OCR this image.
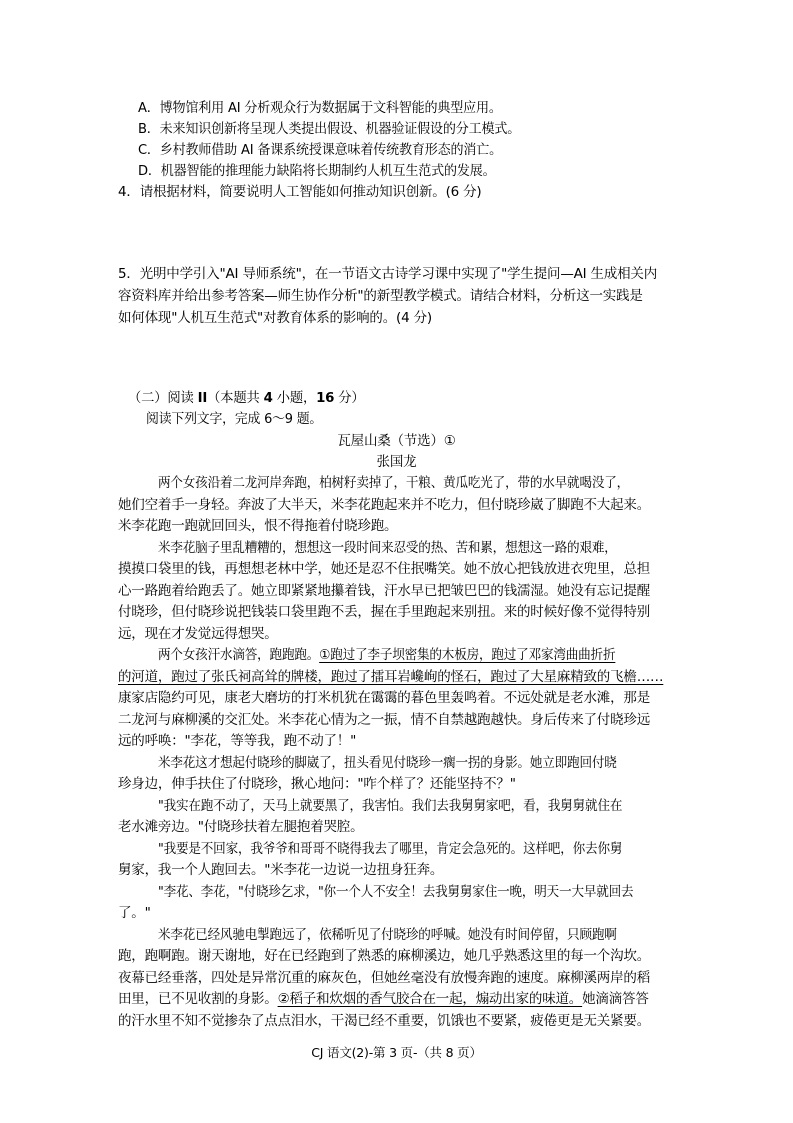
A．博物馆利用 AI 分析观众行为数据属于文科智能的典型应用。
B．未来知识创新将呈现人类提出假设、机器验证假设的分工模式。
C．乡村教师借助 AI 备课系统授课意味着传统教育形态的消亡。
D．机器智能的推理能力缺陷将长期制约人机互生范式的发展。
4．请根据材料，简要说明人工智能如何推动知识创新。(6 分)
5．光明中学引入"AI 导师系统"，在一节语文古诗学习课中实现了"学生提问—AI 生成相关内
容资料库并给出参考答案—师生协作分析"的新型教学模式。请结合材料，分析这一实践是
如何体现"人机互生范式"对教育体系的影响的。(4 分)
（二）阅读 II（本题共 4 小题，16 分）
阅读下列文字，完成 6～9 题。
瓦屋山桑（节选）①
张国龙
两个女孩沿着二龙河岸奔跑，柏树籽卖掉了，干粮、黄瓜吃光了，带的水早就喝没了，
她们空着手一身轻。奔波了大半天，米李花跑起来并不吃力，但付晓珍崴了脚跑不大起来。
米李花跑一跑就回回头，恨不得拖着付晓珍跑。
米李花脑子里乱糟糟的，想想这一段时间来忍受的热、苦和累，想想这一路的艰难，
摸摸口袋里的钱，再想想老林中学，她还是忍不住抿嘴笑。她不放心把钱放进衣兜里，总担
心一路跑着给跑丢了。她立即紧紧地攥着钱，汗水早已把皱巴巴的钱濡湿。她没有忘记提醒
付晓珍，但付晓珍说把钱装口袋里跑不丢，握在手里跑起来别扭。来的时候好像不觉得特别
远，现在才发觉远得想哭。
两个女孩汗水滴答，跑跑跑。①跑过了李子坝密集的木板房，跑过了邓家湾曲曲折折
的河道，跑过了张氏祠高耸的牌楼，跑过了擂耳岩巉峋的怪石，跑过了大星麻精致的飞檐……
康家店隐约可见，康老大磨坊的打米机犹在霭霭的暮色里轰鸣着。不远处就是老水滩，那是
二龙河与麻柳溪的交汇处。米李花心情为之一振，情不自禁越跑越快。身后传来了付晓珍远
远的呼唤："李花，等等我，跑不动了！"
米李花这才想起付晓珍的脚崴了，扭头看见付晓珍一瘸一拐的身影。她立即跑回付晓
珍身边，伸手扶住了付晓珍，揪心地问："咋个样了？还能坚持不？"
"我实在跑不动了，天马上就要黑了，我害怕。我们去我舅舅家吧，看，我舅舅就住在
老水滩旁边。"付晓珍扶着左腿抱着哭腔。
"我要是不回家，我爷爷和哥哥不晓得我去了哪里，肯定会急死的。这样吧，你去你舅
舅家，我一个人跑回去。"米李花一边说一边扭身狂奔。
"李花、李花，"付晓珍乞求，"你一个人不安全！去我舅舅家住一晚，明天一大早就回去
了。"
米李花已经风驰电掣跑远了，依稀听见了付晓珍的呼喊。她没有时间停留，只顾跑啊
跑，跑啊跑。谢天谢地，好在已经跑到了熟悉的麻柳溪边，她几乎熟悉这里的每一个沟坎。
夜幕已经垂落，四处是异常沉重的麻灰色，但她丝毫没有放慢奔跑的速度。麻柳溪两岸的稻
田里，已不见收割的身影。②稻子和炊烟的香气胶合在一起，煽动出家的味道。她滴滴答答
的汗水里不知不觉掺杂了点点泪水，干渴已经不重要，饥饿也不要紧，疲倦更是无关紧要。
CJ 语文(2)-第 3 页-（共 8 页）
